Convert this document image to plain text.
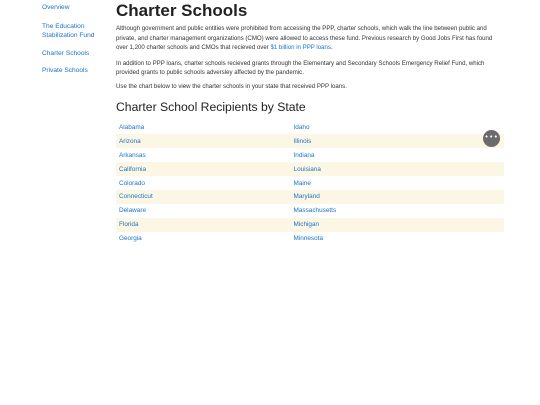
Overview
The Education Stabilization Fund
Charter Schools
Private Schools
Charter Schools

Although government and public entities were prohibited from accessing the PPP, charter schools, which walk the line between public and private, and charter management organizations (CMO) were allowed to access these fund. Previous research by Good Jobs First has found over 1,200 charter schools and CMOs that recieved over $1 billion in PPP loans.

In addition to PPP loans, charter schools recieved grants through the Elementary and Secondary Schools Emergency Relief Fund, which provided grants to public schools adversley affected by the pandemic.

Use the chart below to view the charter schools in your state that received PPP loans.

Charter School Recipients by State
Alabama	Idaho
Arizona	Illinois
Arkansas	Indiana
California	Louisiana
Colorado	Maine
Connecticut	Maryland
Delaware	Massachusetts
Florida	Michigan
Georgia	Minnesota
•••
